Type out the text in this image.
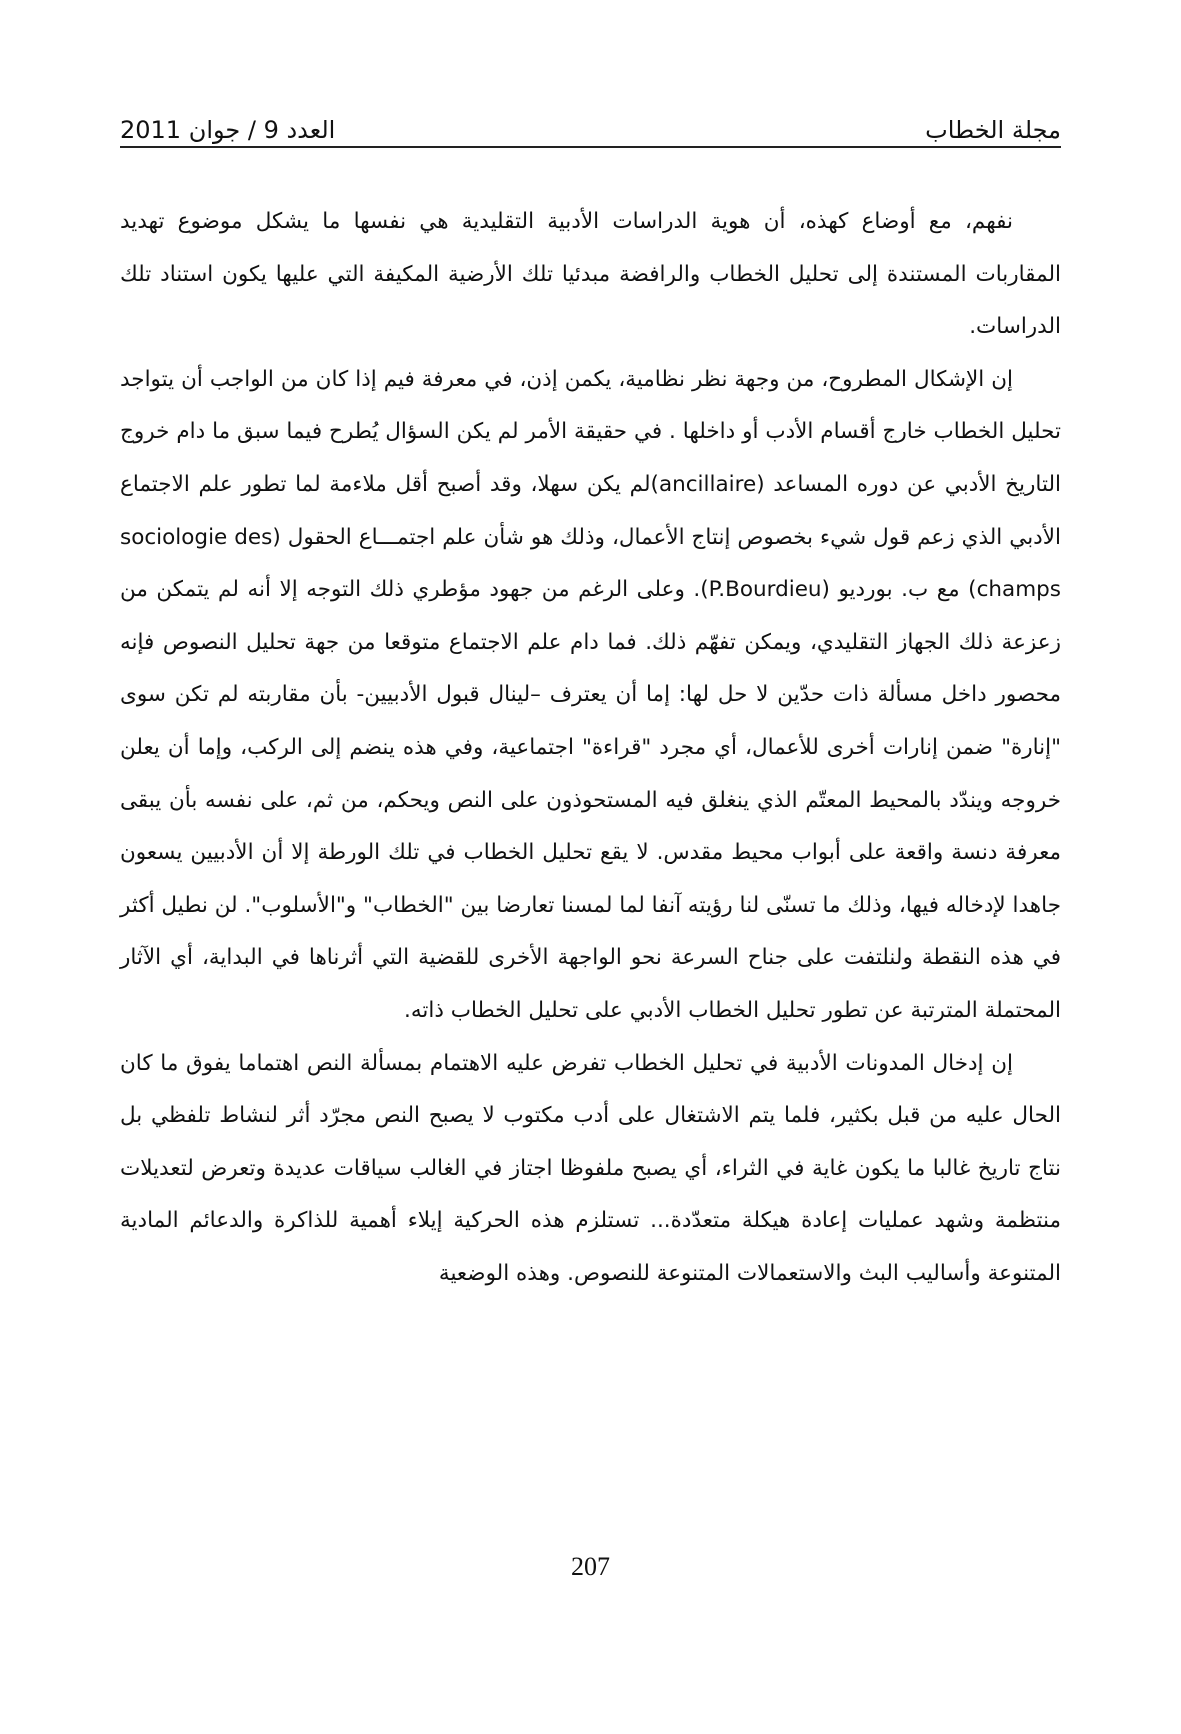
مجلة الخطاب
العدد 9 / جوان 2011

نفهم، مع أوضاع كهذه، أن هوية الدراسات الأدبية التقليدية هي نفسها ما يشكل موضوع تهديد المقاربات المستندة إلى تحليل الخطاب والرافضة مبدئيا تلك الأرضية المكيفة التي عليها يكون استناد تلك الدراسات.

إن الإشكال المطروح، من وجهة نظر نظامية، يكمن إذن، في معرفة فيم إذا كان من الواجب أن يتواجد تحليل الخطاب خارج أقسام الأدب أو داخلها . في حقيقة الأمر لم يكن السؤال يُطرح فيما سبق ما دام خروج التاريخ الأدبي عن دوره المساعد (ancillaire)لم يكن سهلا، وقد أصبح أقل ملاءمة لما تطور علم الاجتماع الأدبي الذي زعم قول شيء بخصوص إنتاج الأعمال، وذلك هو شأن علم اجتمـــاع الحقول (sociologie des champs) مع ب. بورديو (P.Bourdieu). وعلى الرغم من جهود مؤطري ذلك التوجه إلا أنه لم يتمكن من زعزعة ذلك الجهاز التقليدي، ويمكن تفهّم ذلك. فما دام علم الاجتماع متوقعا من جهة تحليل النصوص فإنه محصور داخل مسألة ذات حدّين لا حل لها: إما أن يعترف –لينال قبول الأدبيين- بأن مقاربته لم تكن سوى "إنارة" ضمن إنارات أخرى للأعمال، أي مجرد "قراءة" اجتماعية، وفي هذه ينضم إلى الركب، وإما أن يعلن خروجه ويندّد بالمحيط المعتّم الذي ينغلق فيه المستحوذون على النص ويحكم، من ثم، على نفسه بأن يبقى معرفة دنسة واقعة على أبواب محيط مقدس. لا يقع تحليل الخطاب في تلك الورطة إلا أن الأدبيين يسعون جاهدا لإدخاله فيها، وذلك ما تسنّى لنا رؤيته آنفا لما لمسنا تعارضا بين "الخطاب" و"الأسلوب". لن نطيل أكثر في هذه النقطة ولنلتفت على جناح السرعة نحو الواجهة الأخرى للقضية التي أثرناها في البداية، أي الآثار المحتملة المترتبة عن تطور تحليل الخطاب الأدبي على تحليل الخطاب ذاته.

إن إدخال المدونات الأدبية في تحليل الخطاب تفرض عليه الاهتمام بمسألة النص اهتماما يفوق ما كان الحال عليه من قبل بكثير، فلما يتم الاشتغال على أدب مكتوب لا يصبح النص مجرّد أثر لنشاط تلفظي بل نتاج تاريخ غالبا ما يكون غاية في الثراء، أي يصبح ملفوظا اجتاز في الغالب سياقات عديدة وتعرض لتعديلات منتظمة وشهد عمليات إعادة هيكلة متعدّدة... تستلزم هذه الحركية إيلاء أهمية للذاكرة والدعائم المادية المتنوعة وأساليب البث والاستعمالات المتنوعة للنصوص. وهذه الوضعية

207
